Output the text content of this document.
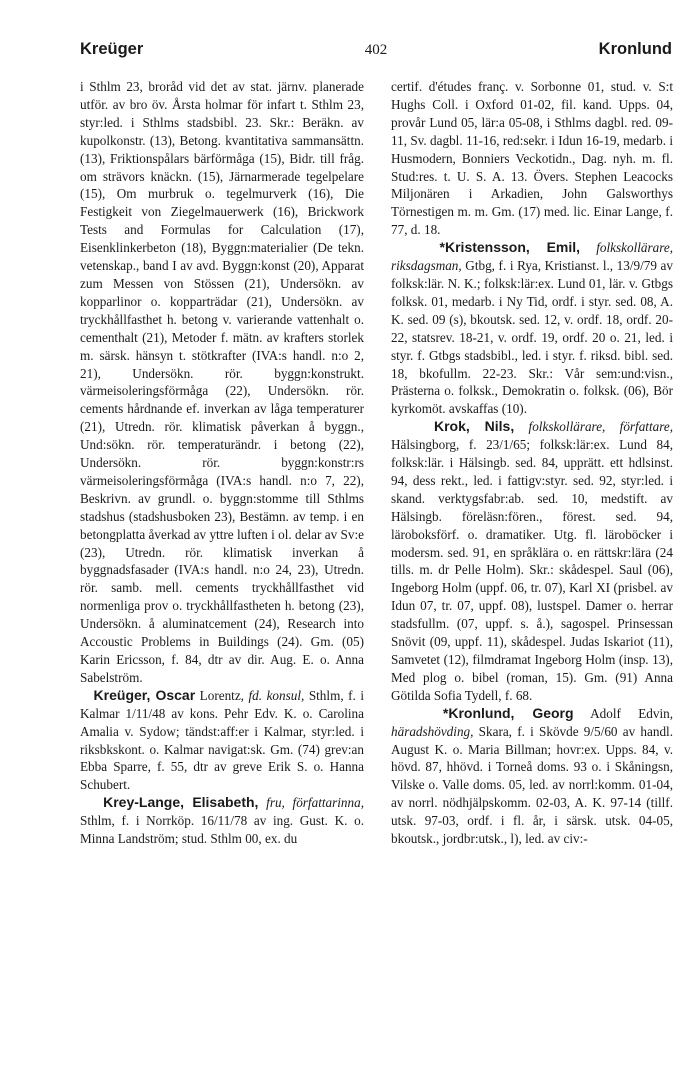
Kreüger	402	Kronlund

i Sthlm 23, broråd vid det av stat. järnv. planerade utför. av bro öv. Årsta holmar för infart t. Sthlm 23, styr:led. i Sthlms stadsbibl. 23. Skr.: Beräkn. av kupolkonstr. (13), Betong. kvantitativa sammansättn. (13), Friktionspålars bärförmåga (15), Bidr. till fråg. om strävors knäckn. (15), Järnarmerade tegelpelare (15), Om murbruk o. tegelmurverk (16), Die Festigkeit von Ziegelmauerwerk (16), Brickwork Tests and Formulas for Calculation (17), Eisenklinkerbeton (18), Byggn:materialier (De tekn. vetenskap., band I av avd. Byggn:konst (20), Apparat zum Messen von Stössen (21), Undersökn. av kopparlinor o. kopparträdar (21), Undersökn. av tryckhållfasthet h. betong v. varierande vattenhalt o. cementhalt (21), Metoder f. mätn. av krafters storlek m. särsk. hänsyn t. stötkrafter (IVA:s handl. n:o 2, 21), Undersökn. rör. byggn:konstrukt. värmeisoleringsförmåga (22), Undersökn. rör. cements hårdnande ef. inverkan av låga temperaturer (21), Utredn. rör. klimatisk påverkan å byggn., Und:sökn. rör. temperaturändr. i betong (22), Undersökn. rör. byggn:konstr:rs värmeisoleringsförmåga (IVA:s handl. n:o 7, 22), Beskrivn. av grundl. o. byggn:stomme till Sthlms stadshus (stadshusboken 23), Bestämn. av temp. i en betongplatta åverkad av yttre luften i ol. delar av Sv:e (23), Utredn. rör. klimatisk inverkan å byggnadsfasader (IVA:s handl. n:o 24, 23), Utredn. rör. samb. mell. cements tryckhållfasthet vid normenliga prov o. tryckhållfastheten h. betong (23), Undersökn. å aluminatcement (24), Research into Accoustic Problems in Buildings (24). Gm. (05) Karin Ericsson, f. 84, dtr av dir. Aug. E. o. Anna Sabelström.

Kreüger, Oscar Lorentz, fd. konsul, Sthlm, f. i Kalmar 1/11/48 av kons. Pehr Edv. K. o. Carolina Amalia v. Sydow; tändst:aff:er i Kalmar, styr:led. i riksbkskont. o. Kalmar navigat:sk. Gm. (74) grev:an Ebba Sparre, f. 55, dtr av greve Erik S. o. Hanna Schubert.

Krey-Lange, Elisabeth, fru, författarinna, Sthlm, f. i Norrköp. 16/11/78 av ing. Gust. K. o. Minna Landström; stud. Sthlm 00, ex. du

certif. d'études franç. v. Sorbonne 01, stud. v. S:t Hughs Coll. i Oxford 01-02, fil. kand. Upps. 04, provår Lund 05, lär:a 05-08, i Sthlms dagbl. red. 09-11, Sv. dagbl. 11-16, red:sekr. i Idun 16-19, medarb. i Husmodern, Bonniers Veckotidn., Dag. nyh. m. fl. Stud:res. t. U. S. A. 13. Övers. Stephen Leacocks Miljonären i Arkadien, John Galsworthys Törnestigen m. m. Gm. (17) med. lic. Einar Lange, f. 77, d. 18.

*Kristensson, Emil, folkskollärare, riksdagsman, Gtbg, f. i Rya, Kristianst. l., 13/9/79 av folksk:lär. N. K.; folksk:lär:ex. Lund 01, lär. v. Gtbgs folksk. 01, medarb. i Ny Tid, ordf. i styr. sed. 08, A. K. sed. 09 (s), bkoutsk. sed. 12, v. ordf. 18, ordf. 20-22, statsrev. 18-21, v. ordf. 19, ordf. 20 o. 21, led. i styr. f. Gtbgs stadsbibl., led. i styr. f. riksd. bibl. sed. 18, bkofullm. 22-23. Skr.: Vår sem:und:visn., Prästerna o. folksk., Demokratin o. folksk. (06), Bör kyrkomöt. avskaffas (10).

Krok, Nils, folkskollärare, författare, Hälsingborg, f. 23/1/65; folksk:lär:ex. Lund 84, folksk:lär. i Hälsingb. sed. 84, upprätt. ett hdlsinst. 94, dess rekt., led. i fattigv:styr. sed. 92, styr:led. i skand. verktygsfabr:ab. sed. 10, medstift. av Hälsingb. föreläsn:fören., förest. sed. 94, läroboksförf. o. dramatiker. Utg. fl. läroböcker i modersm. sed. 91, en språklära o. en rättskr:lära (24 tills. m. dr Pelle Holm). Skr.: skådespel. Saul (06), Ingeborg Holm (uppf. 06, tr. 07), Karl XI (prisbel. av Idun 07, tr. 07, uppf. 08), lustspel. Damer o. herrar stadsfullm. (07, uppf. s. å.), sagospel. Prinsessan Snövit (09, uppf. 11), skådespel. Judas Iskariot (11), Samvetet (12), filmdramat Ingeborg Holm (insp. 13), Med plog o. bibel (roman, 15). Gm. (91) Anna Götilda Sofia Tydell, f. 68.

*Kronlund, Georg Adolf Edvin, häradshövding, Skara, f. i Skövde 9/5/60 av handl. August K. o. Maria Billman; hovr:ex. Upps. 84, v. hövd. 87, hhövd. i Torneå doms. 93 o. i Skåningsn, Vilske o. Valle doms. 05, led. av norrl:komm. 01-04, av norrl. nödhjälpskomm. 02-03, A. K. 97-14 (tillf. utsk. 97-03, ordf. i fl. år, i särsk. utsk. 04-05, bkoutsk., jordbr:utsk., l), led. av civ:-
